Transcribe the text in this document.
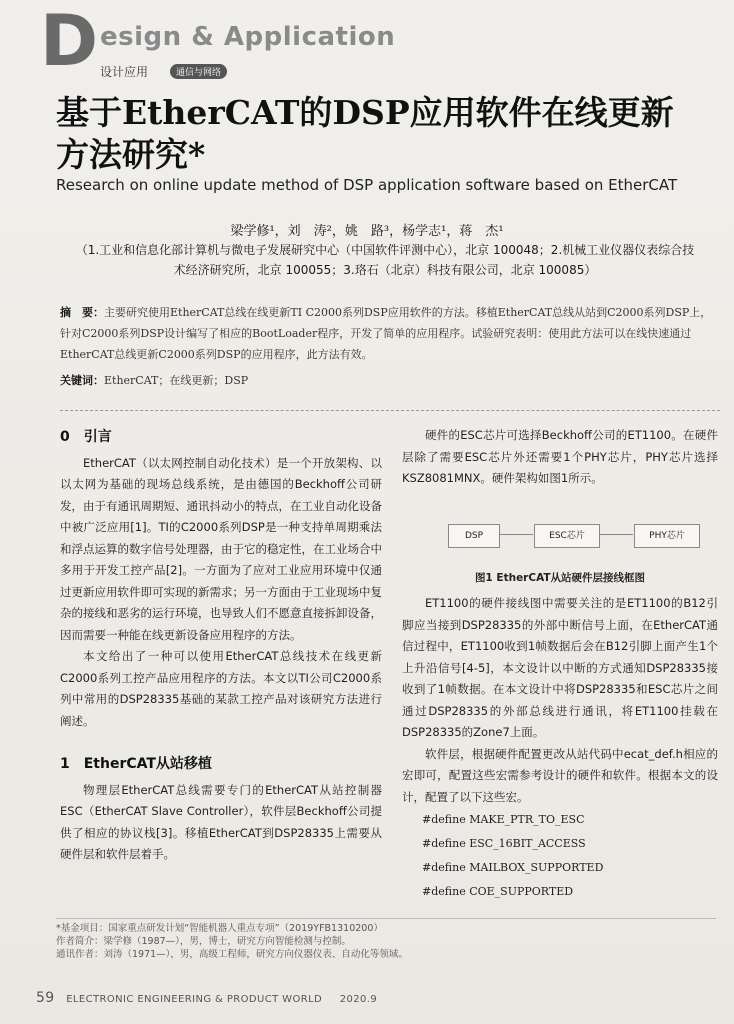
D esign & Application
设计应用	通信与网络
基于EtherCAT的DSP应用软件在线更新方法研究*
Research on online update method of DSP application software based on EtherCAT
梁学修¹，刘　涛²，姚　路³，杨学志¹，蒋　杰¹
（1.工业和信息化部计算机与微电子发展研究中心（中国软件评测中心），北京 100048；2.机械工业仪器仪表综合技术经济研究所，北京 100055；3.珞石（北京）科技有限公司，北京 100085）
摘　要：主要研究使用EtherCAT总线在线更新TI C2000系列DSP应用软件的方法。移植EtherCAT总线从站到C2000系列DSP上，针对C2000系列DSP设计编写了相应的BootLoader程序，开发了简单的应用程序。试验研究表明：使用此方法可以在线快速通过EtherCAT总线更新C2000系列DSP的应用程序，此方法有效。
关键词：EtherCAT；在线更新；DSP
0　引言

EtherCAT（以太网控制自动化技术）是一个开放架构、以以太网为基础的现场总线系统，是由德国的Beckhoff公司研发，由于有通讯周期短、通讯抖动小的特点，在工业自动化设备中被广泛应用[1]。TI的C2000系列DSP是一种支持单周期乘法和浮点运算的数字信号处理器，由于它的稳定性，在工业场合中多用于开发工控产品[2]。一方面为了应对工业应用环境中仅通过更新应用软件即可实现的新需求；另一方面由于工业现场中复杂的接线和恶劣的运行环境，也导致人们不愿意直接拆卸设备，因而需要一种能在线更新设备应用程序的方法。

本文给出了一种可以使用EtherCAT总线技术在线更新C2000系列工控产品应用程序的方法。本文以TI公司C2000系列中常用的DSP28335基础的某款工控产品对该研究方法进行阐述。

1　EtherCAT从站移植

物理层EtherCAT总线需要专门的EtherCAT从站控制器ESC（EtherCAT Slave Controller），软件层Beckhoff公司提供了相应的协议栈[3]。移植EtherCAT到DSP28335上需要从硬件层和软件层着手。

硬件的ESC芯片可选择Beckhoff公司的ET1100。在硬件层除了需要ESC芯片外还需要1个PHY芯片，PHY芯片选择KSZ8081MNX。硬件架构如图1所示。

DSP	ESC芯片	PHY芯片
图1 EtherCAT从站硬件层接线框图

ET1100的硬件接线图中需要关注的是ET1100的B12引脚应当接到DSP28335的外部中断信号上面，在EtherCAT通信过程中，ET1100收到1帧数据后会在B12引脚上面产生1个上升沿信号[4-5]，本文设计以中断的方式通知DSP28335接收到了1帧数据。在本文设计中将DSP28335和ESC芯片之间通过DSP28335的外部总线进行通讯，将ET1100挂载在DSP28335的Zone7上面。

软件层，根据硬件配置更改从站代码中ecat_def.h相应的宏即可，配置这些宏需参考设计的硬件和软件。根据本文的设计，配置了以下这些宏。

#define MAKE_PTR_TO_ESC

#define ESC_16BIT_ACCESS

#define MAILBOX_SUPPORTED

#define COE_SUPPORTED

*基金项目：国家重点研发计划“智能机器人重点专项”（2019YFB1310200）
作者简介：梁学修（1987—），男，博士，研究方向智能检测与控制。
通讯作者：刘涛（1971—），男，高级工程师，研究方向仪器仪表、自动化等领域。
59 ELECTRONIC ENGINEERING & PRODUCT WORLD 2020.9
